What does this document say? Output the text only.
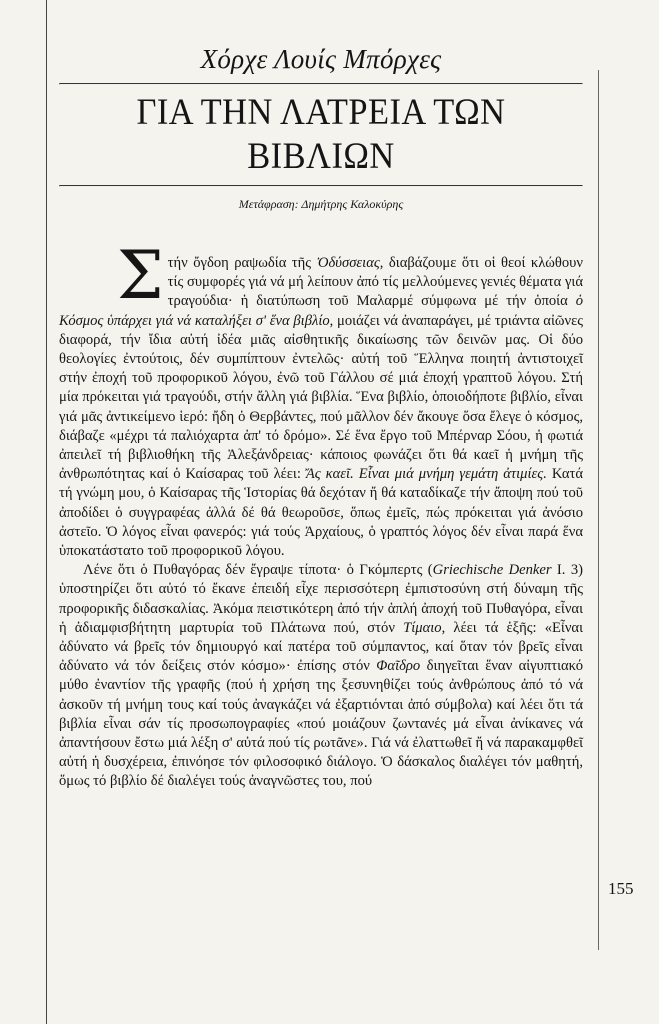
Χόρχε Λουίς Μπόρχες
ΓΙΑ ΤΗΝ ΛΑΤΡΕΙΑ ΤΩΝ ΒΙΒΛΙΩΝ
Μετάφραση: Δημήτρης Καλοκύρης

Στήν ὄγδοη ραψωδία τῆς Ὀδύσσειας, διαβάζουμε ὅτι οἱ θεοί κλώθουν τίς συμφορές γιά νά μή λείπουν ἀπό τίς μελλούμενες γενιές θέματα γιά τραγούδια· ἡ διατύπωση τοῦ Μαλαρμέ σύμφωνα μέ τήν ὁποία ὁ Κόσμος ὑπάρχει γιά νά καταλήξει σ' ἕνα βιβλίο, μοιάζει νά ἀναπαράγει, μέ τριάντα αἰῶνες διαφορά, τήν ἴδια αὐτή ἰδέα μιᾶς αἰσθητικῆς δικαίωσης τῶν δεινῶν μας. Οἱ δύο θεολογίες ἐντούτοις, δέν συμπίπτουν ἐντελῶς· αὐτή τοῦ Ἕλληνα ποιητή ἀντιστοιχεῖ στήν ἐποχή τοῦ προφορικοῦ λόγου, ἐνῶ τοῦ Γάλλου σέ μιά ἐποχή γραπτοῦ λόγου. Στή μία πρόκειται γιά τραγούδι, στήν ἄλλη γιά βιβλία. Ἕνα βιβλίο, ὁποιοδήποτε βιβλίο, εἶναι γιά μᾶς ἀντικείμενο ἱερό: ἤδη ὁ Θερβάντες, πού μᾶλλον δέν ἄκουγε ὅσα ἔλεγε ὁ κόσμος, διάβαζε «μέχρι τά παλιόχαρτα ἀπ' τό δρόμο». Σέ ἕνα ἔργο τοῦ Μπέρναρ Σόου, ἡ φωτιά ἀπειλεῖ τή βιβλιοθήκη τῆς Ἀλεξάνδρειας· κάποιος φωνάζει ὅτι θά καεῖ ἡ μνήμη τῆς ἀνθρωπότητας καί ὁ Καίσαρας τοῦ λέει: Ἄς καεῖ. Εἶναι μιά μνήμη γεμάτη ἀτιμίες. Κατά τή γνώμη μου, ὁ Καίσαρας τῆς Ἱστορίας θά δεχόταν ἤ θά καταδίκαζε τήν ἄποψη πού τοῦ ἀποδίδει ὁ συγγραφέας ἀλλά δέ θά θεωροῦσε, ὅπως ἐμεῖς, πώς πρόκειται γιά ἀνόσιο ἀστεῖο. Ὁ λόγος εἶναι φανερός: γιά τούς Ἀρχαίους, ὁ γραπτός λόγος δέν εἶναι παρά ἕνα ὑποκατάστατο τοῦ προφορικοῦ λόγου.

Λένε ὅτι ὁ Πυθαγόρας δέν ἔγραψε τίποτα· ὁ Γκόμπερτς (Griechische Denker I. 3) ὑποστηρίζει ὅτι αὐτό τό ἔκανε ἐπειδή εἶχε περισσότερη ἐμπιστοσύνη στή δύναμη τῆς προφορικῆς διδασκαλίας. Ἀκόμα πειστικότερη ἀπό τήν ἁπλή ἀποχή τοῦ Πυθαγόρα, εἶναι ἡ ἀδιαμφισβήτητη μαρτυρία τοῦ Πλάτωνα πού, στόν Τίμαιο, λέει τά ἑξῆς: «Εἶναι ἀδύνατο νά βρεῖς τόν δημιουργό καί πατέρα τοῦ σύμπαντος, καί ὅταν τόν βρεῖς εἶναι ἀδύνατο νά τόν δείξεις στόν κόσμο»· ἐπίσης στόν Φαῖδρο διηγεῖται ἕναν αἰγυπτιακό μύθο ἐναντίον τῆς γραφῆς (πού ἡ χρήση της ξεσυνηθίζει τούς ἀνθρώπους ἀπό τό νά ἀσκοῦν τή μνήμη τους καί τούς ἀναγκάζει νά ἐξαρτιόνται ἀπό σύμβολα) καί λέει ὅτι τά βιβλία εἶναι σάν τίς προσωπογραφίες «πού μοιάζουν ζωντανές μά εἶναι ἀνίκανες νά ἀπαντήσουν ἔστω μιά λέξη σ' αὐτά πού τίς ρωτᾶνε». Γιά νά ἐλαττωθεῖ ἤ νά παρακαμφθεῖ αὐτή ἡ δυσχέρεια, ἐπινόησε τόν φιλοσοφικό διάλογο. Ὁ δάσκαλος διαλέγει τόν μαθητή, ὅμως τό βιβλίο δέ διαλέγει τούς ἀναγνῶστες του, πού

155
